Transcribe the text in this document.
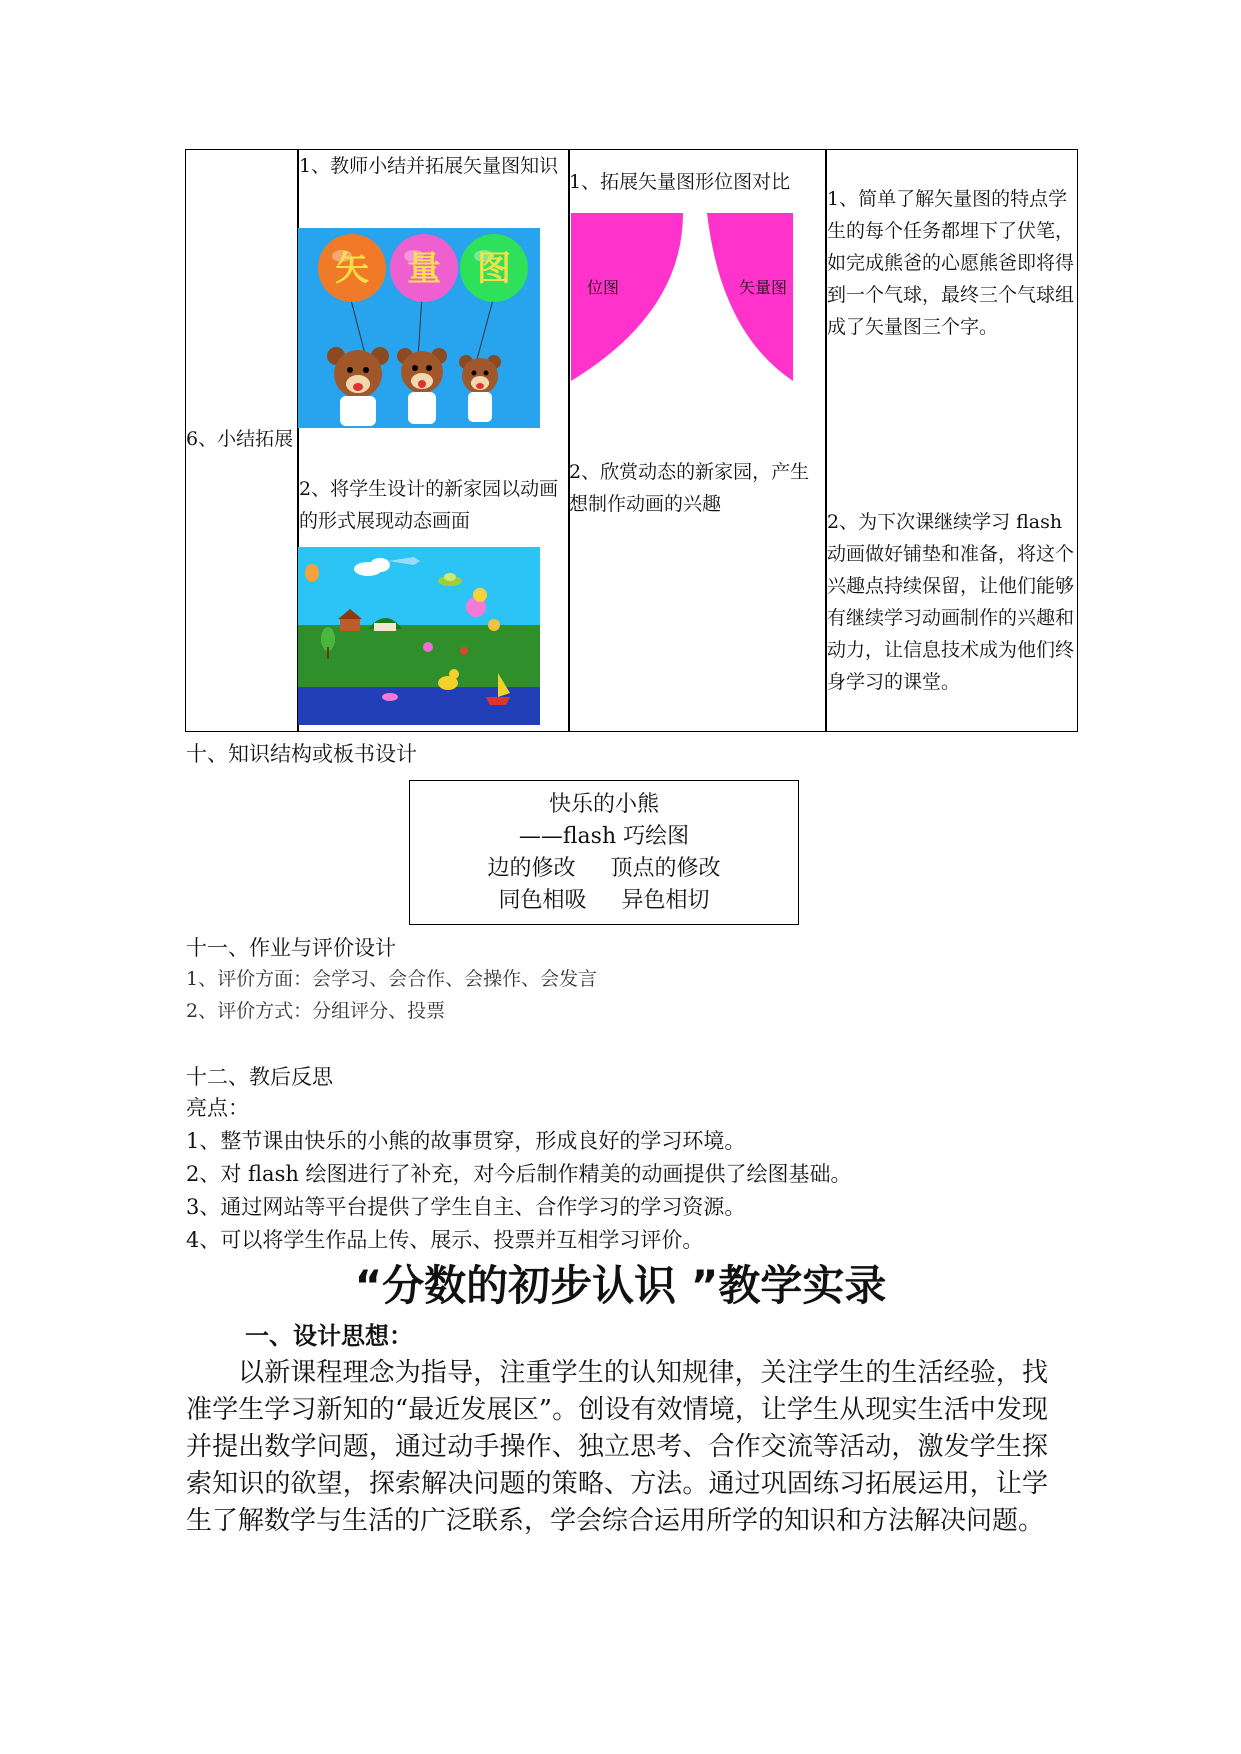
6、小结拓展
1、教师小结并拓展矢量图知识
矢 量 图
2、将学生设计的新家园以动画的形式展现动态画面
1、拓展矢量图形位图对比
位图	矢量图
2、欣赏动态的新家园，产生想制作动画的兴趣
1、简单了解矢量图的特点学生的每个任务都埋下了伏笔，如完成熊爸的心愿熊爸即将得到一个气球，最终三个气球组成了矢量图三个字。
2、为下次课继续学习 flash 动画做好铺垫和准备，将这个兴趣点持续保留，让他们能够有继续学习动画制作的兴趣和动力，让信息技术成为他们终身学习的课堂。
十、知识结构或板书设计
快乐的小熊
——flash 巧绘图
边的修改 顶点的修改
同色相吸 异色相切
十一、作业与评价设计
1、评价方面：会学习、会合作、会操作、会发言
2、评价方式：分组评分、投票
十二、教后反思
亮点：
1、整节课由快乐的小熊的故事贯穿，形成良好的学习环境。
2、对 flash 绘图进行了补充，对今后制作精美的动画提供了绘图基础。
3、通过网站等平台提供了学生自主、合作学习的学习资源。
4、可以将学生作品上传、展示、投票并互相学习评价。
“分数的初步认识 ”教学实录
一、设计思想：
以新课程理念为指导，注重学生的认知规律，关注学生的生活经验，找准学生学习新知的“最近发展区”。创设有效情境，让学生从现实生活中发现并提出数学问题，通过动手操作、独立思考、合作交流等活动，激发学生探索知识的欲望，探索解决问题的策略、方法。通过巩固练习拓展运用，让学生了解数学与生活的广泛联系，学会综合运用所学的知识和方法解决问题。
